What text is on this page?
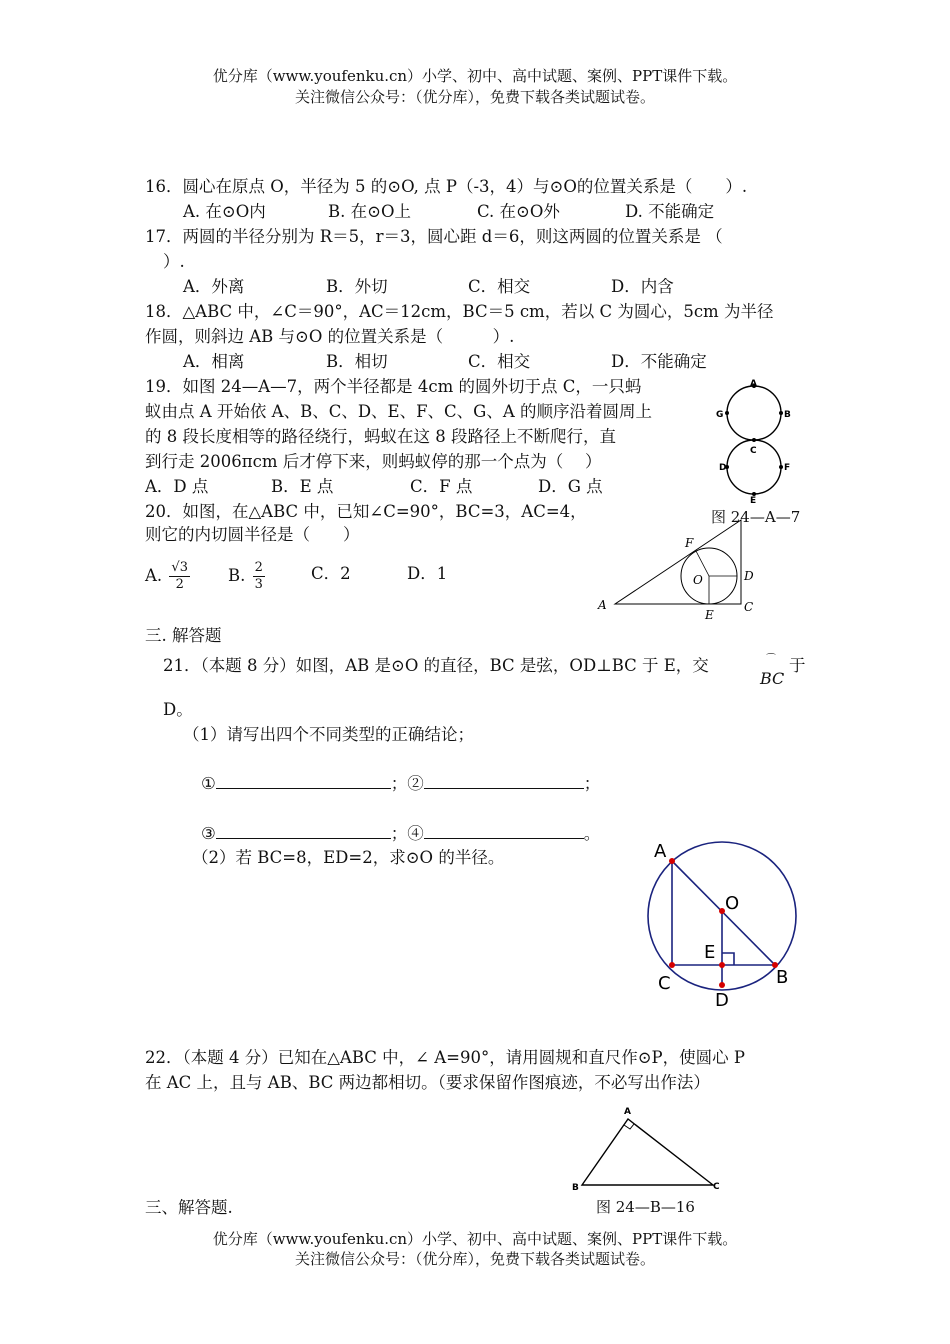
优分库（www.youfenku.cn）小学、初中、高中试题、案例、PPT课件下载。
关注微信公众号：（优分库），免费下载各类试题试卷。
16．圆心在原点 O，半径为 5 的⊙O, 点 P（-3，4）与⊙O的位置关系是（　　）.
A. 在⊙O内	B. 在⊙O上	C. 在⊙O外	D. 不能确定
17．两圆的半径分别为 R＝5，r＝3，圆心距 d＝6，则这两圆的位置关系是 （
）.
A．外离	B．外切	C．相交	D．内含
18．△ABC 中，∠C＝90°，AC＝12cm，BC＝5 cm，若以 C 为圆心，5cm 为半径
作圆，则斜边 AB 与⊙O 的位置关系是（　　　）.
A．相离	B．相切	C．相交	D．不能确定
19．如图 24—A—7，两个半径都是 4cm 的圆外切于点 C，一只蚂
蚁由点 A 开始依 A、B、C、D、E、F、C、G、A 的顺序沿着圆周上
的 8 段长度相等的路径绕行，蚂蚁在这 8 段路径上不断爬行，直
到行走 2006πcm 后才停下来，则蚂蚁停的那一个点为（　 ）
A．D 点	B．E 点	C．F 点	D．G 点
A
G	B
C
D	F
E
图 24—A—7
20．如图，在△ABC 中，已知∠C=90°，BC=3，AC=4，
则它的内切圆半径是（　　）
A. $\frac{√3}{2} B$. $\frac{2}{3}$	C．2	D．1
A	C
D
E
F
O
三. 解答题
21．（本题 8 分）如图，AB 是⊙O 的直径，BC 是弦，OD⊥BC 于 E，交	⌒
BC
于
D。
（1）请写出四个不同类型的正确结论；
①	；②	；
③	；④	。
（2）若 BC=8，ED=2，求⊙O 的半径。	A
O
E
C	B
D
22．（本题 4 分）已知在△ABC 中，∠ A=90°，请用圆规和直尺作⊙P，使圆心 P
在 AC 上，且与 AB、BC 两边都相切。（要求保留作图痕迹，不必写出作法）
A
B	C
图 24—B—16
三、解答题.
优分库（www.youfenku.cn）小学、初中、高中试题、案例、PPT课件下载。
关注微信公众号：（优分库），免费下载各类试题试卷。
